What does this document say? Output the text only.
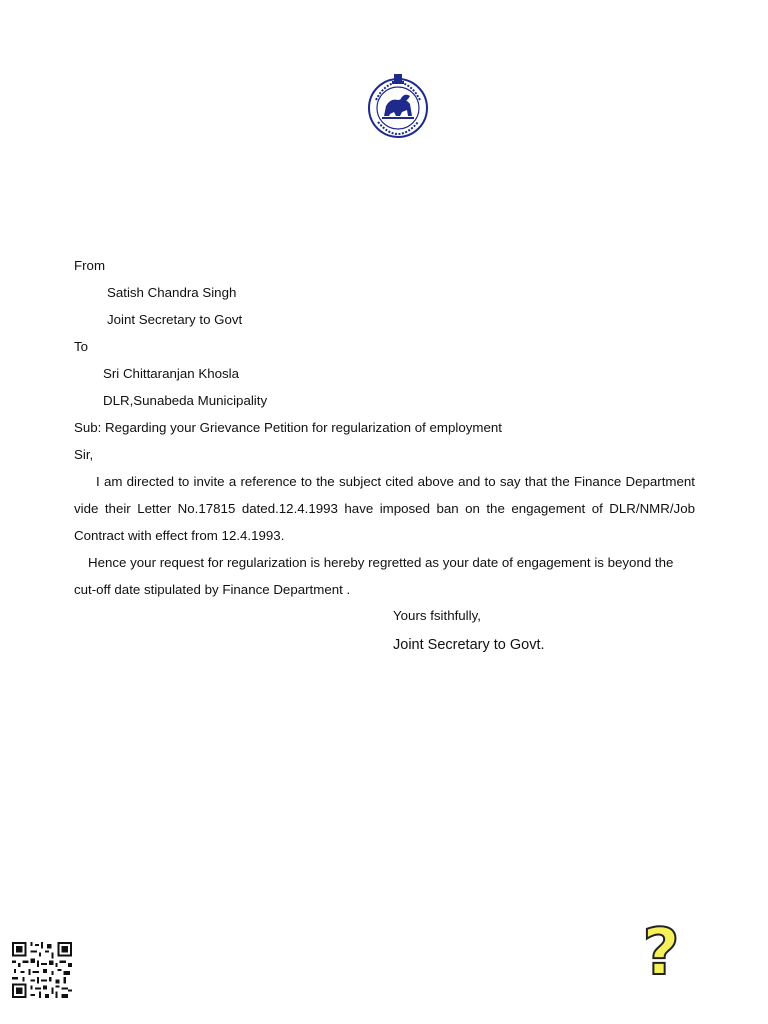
From
Satish Chandra Singh
Joint Secretary to Govt
To
Sri Chittaranjan Khosla
DLR,Sunabeda Municipality
Sub: Regarding your Grievance Petition for regularization of employment
Sir,
I am directed to invite a reference to the subject cited above and to say that the Finance Department vide their Letter No.17815 dated.12.4.1993 have imposed ban on the engagement of DLR/NMR/Job Contract with effect from 12.4.1993.
Hence your request for regularization is hereby regretted as your date of engagement is beyond the cut-off date stipulated by Finance Department .
Yours fsithfully,
Joint Secretary to Govt.
?
